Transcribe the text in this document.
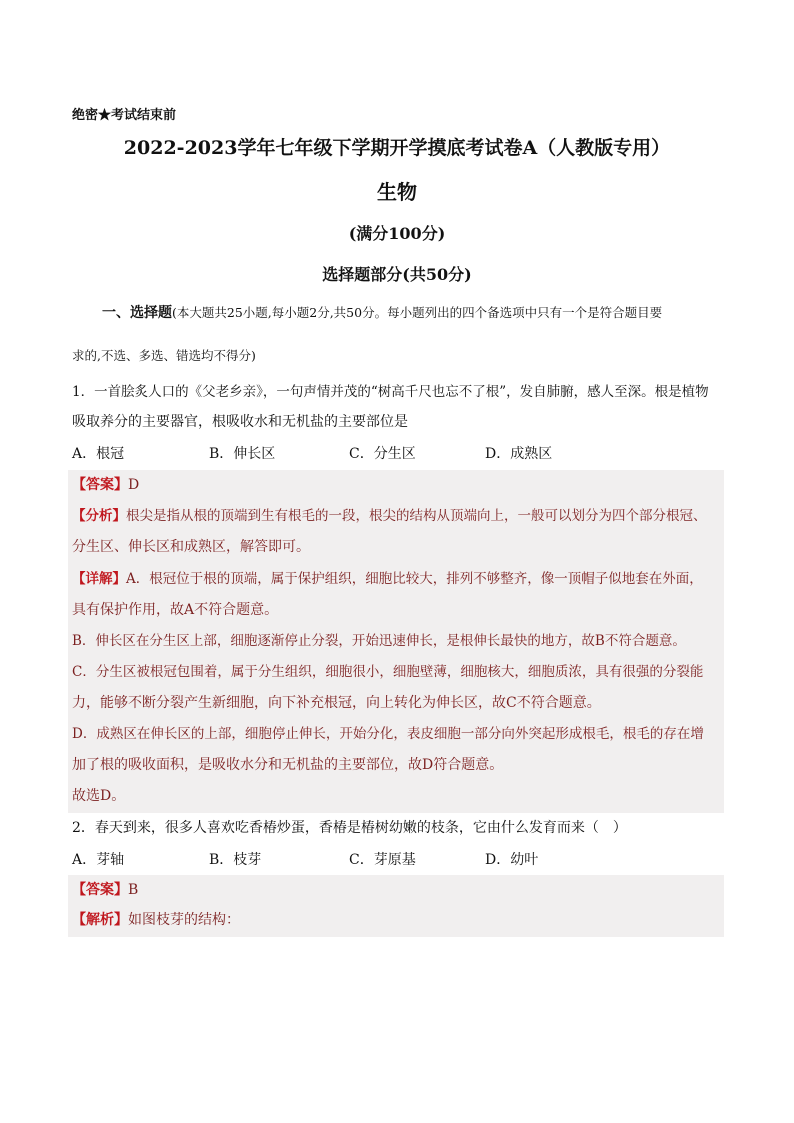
绝密★考试结束前
2022-2023学年七年级下学期开学摸底考试卷A（人教版专用）
生物
(满分100分)
选择题部分(共50分)
一、选择题(本大题共25小题,每小题2分,共50分。每小题列出的四个备选项中只有一个是符合题目要
求的,不选、多选、错选均不得分)
1．一首脍炙人口的《父老乡亲》，一句声情并茂的“树高千尺也忘不了根”，发自肺腑，感人至深。根是植物
吸取养分的主要器官，根吸收水和无机盐的主要部位是
A．根冠	B．伸长区	C．分生区	D．成熟区
【答案】D
【分析】根尖是指从根的顶端到生有根毛的一段，根尖的结构从顶端向上，一般可以划分为四个部分根冠、
分生区、伸长区和成熟区，解答即可。
【详解】A．根冠位于根的顶端，属于保护组织，细胞比较大，排列不够整齐，像一顶帽子似地套在外面，
具有保护作用，故A不符合题意。
B．伸长区在分生区上部，细胞逐渐停止分裂，开始迅速伸长，是根伸长最快的地方，故B不符合题意。
C．分生区被根冠包围着，属于分生组织，细胞很小，细胞壁薄，细胞核大，细胞质浓，具有很强的分裂能
力，能够不断分裂产生新细胞，向下补充根冠，向上转化为伸长区，故C不符合题意。
D．成熟区在伸长区的上部，细胞停止伸长，开始分化，表皮细胞一部分向外突起形成根毛，根毛的存在增
加了根的吸收面积，是吸收水分和无机盐的主要部位，故D符合题意。
故选D。
2．春天到来，很多人喜欢吃香椿炒蛋，香椿是椿树幼嫩的枝条，它由什么发育而来（　）
A．芽轴	B．枝芽	C．芽原基	D．幼叶
【答案】B
【解析】如图枝芽的结构：
